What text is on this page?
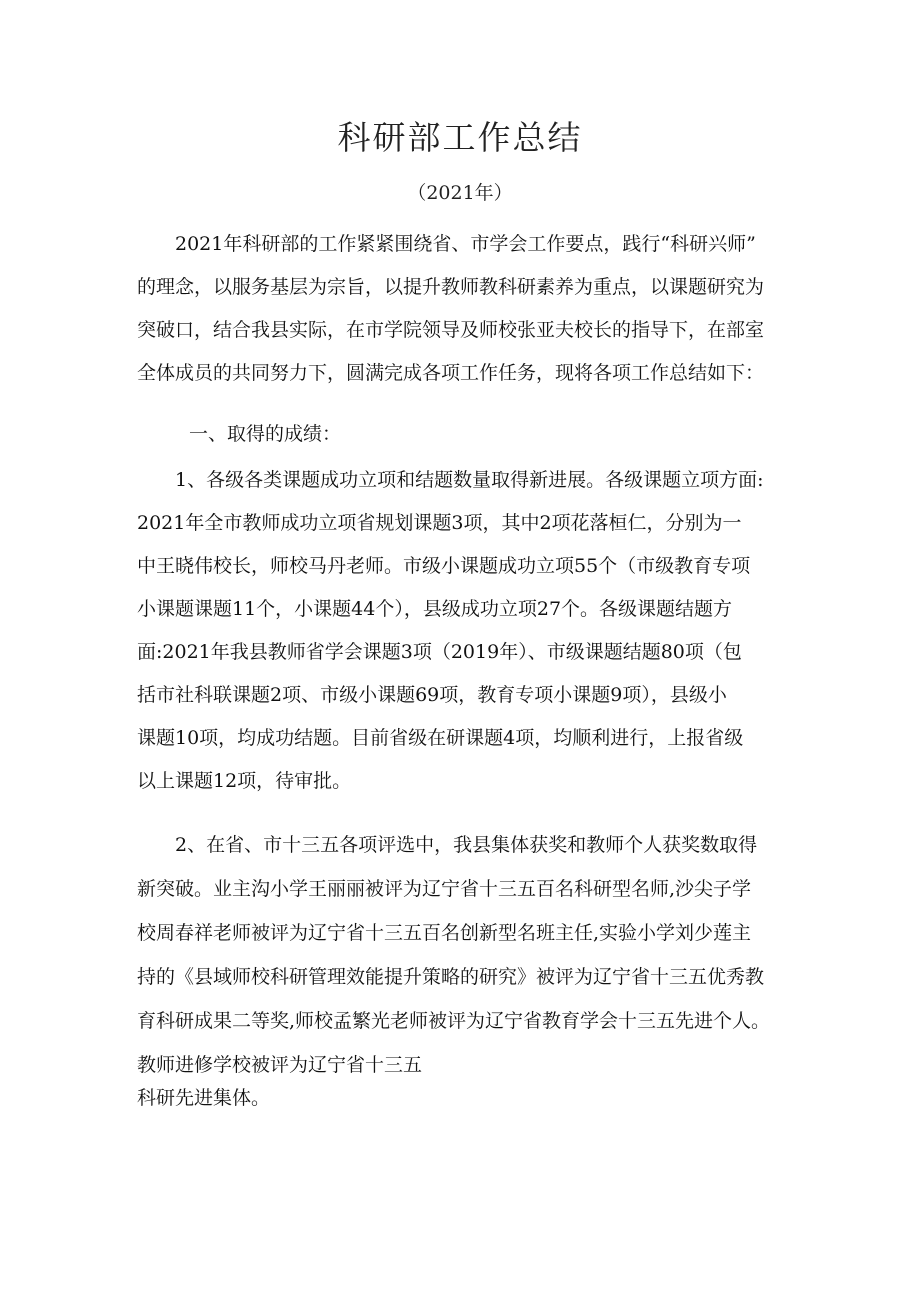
科研部工作总结
（2021年）
2021年科研部的工作紧紧围绕省、市学会工作要点，践行“科研兴师”
的理念，以服务基层为宗旨，以提升教师教科研素养为重点，以课题研究为
突破口，结合我县实际，在市学院领导及师校张亚夫校长的指导下，在部室
全体成员的共同努力下，圆满完成各项工作任务，现将各项工作总结如下：
一、取得的成绩：
1、各级各类课题成功立项和结题数量取得新进展。各级课题立项方面:
2021年全市教师成功立项省规划课题3项，其中2项花落桓仁，分别为一
中王晓伟校长，师校马丹老师。市级小课题成功立项55个（市级教育专项
小课题课题11个，小课题44个），县级成功立项27个。各级课题结题方
面:2021年我县教师省学会课题3项（2019年）、市级课题结题80项（包
括市社科联课题2项、市级小课题69项，教育专项小课题9项），县级小
课题10项，均成功结题。目前省级在研课题4项，均顺利进行，上报省级
以上课题12项，待审批。
2、在省、市十三五各项评选中，我县集体获奖和教师个人获奖数取得
新突破。业主沟小学王丽丽被评为辽宁省十三五百名科研型名师,沙尖子学
校周春祥老师被评为辽宁省十三五百名创新型名班主任,实验小学刘少莲主
持的《县域师校科研管理效能提升策略的研究》被评为辽宁省十三五优秀教
育科研成果二等奖,师校孟繁光老师被评为辽宁省教育学会十三五先进个人。
教师进修学校被评为辽宁省十三五
科研先进集体。
